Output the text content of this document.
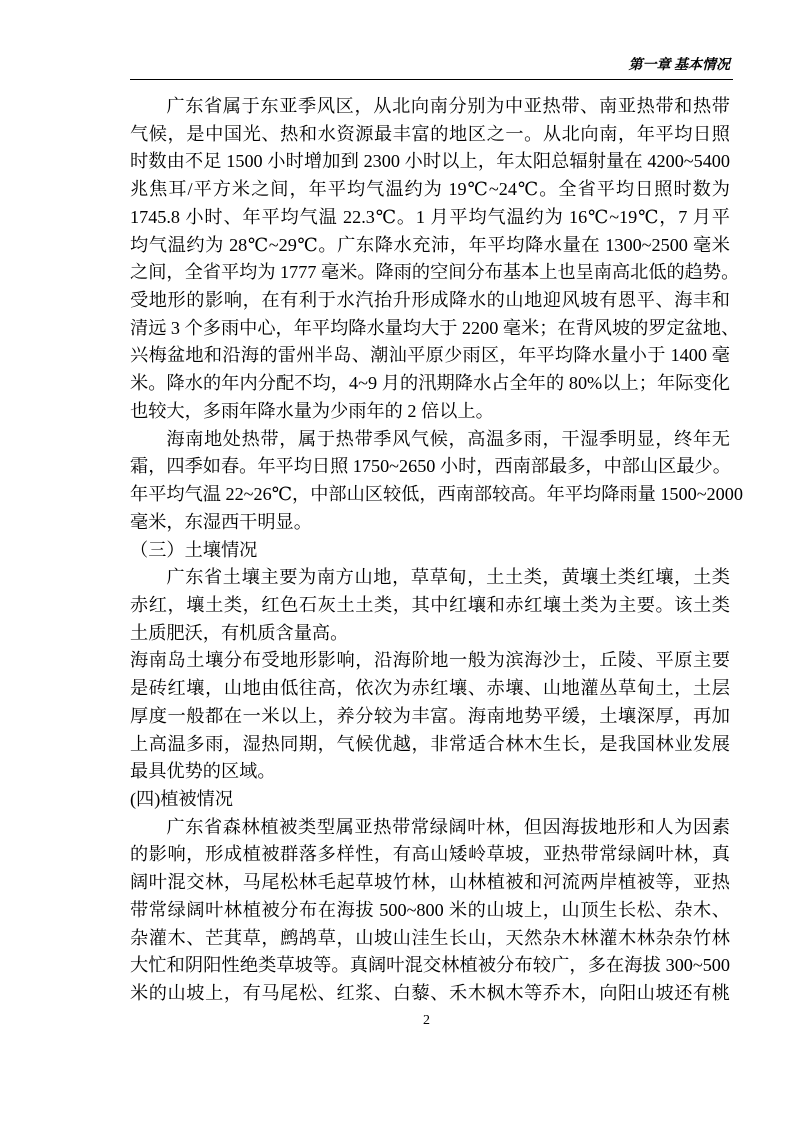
第一章 基本情况
广东省属于东亚季风区，从北向南分别为中亚热带、南亚热带和热带
气候，是中国光、热和水资源最丰富的地区之一。从北向南，年平均日照
时数由不足 1500 小时增加到 2300 小时以上，年太阳总辐射量在 4200~5400
兆焦耳/平方米之间，年平均气温约为 19℃~24℃。全省平均日照时数为
1745.8 小时、年平均气温 22.3℃。1 月平均气温约为 16℃~19℃，7 月平
均气温约为 28℃~29℃。广东降水充沛，年平均降水量在 1300~2500 毫米
之间，全省平均为 1777 毫米。降雨的空间分布基本上也呈南高北低的趋势。
受地形的影响，在有利于水汽抬升形成降水的山地迎风坡有恩平、海丰和
清远 3 个多雨中心，年平均降水量均大于 2200 毫米；在背风坡的罗定盆地、
兴梅盆地和沿海的雷州半岛、潮汕平原少雨区，年平均降水量小于 1400 毫
米。降水的年内分配不均，4~9 月的汛期降水占全年的 80%以上；年际变化
也较大，多雨年降水量为少雨年的 2 倍以上。
海南地处热带，属于热带季风气候，高温多雨，干湿季明显，终年无
霜，四季如春。年平均日照 1750~2650 小时，西南部最多，中部山区最少。
年平均气温 22~26℃，中部山区较低，西南部较高。年平均降雨量 1500~2000
毫米，东湿西干明显。
（三）土壤情况
广东省土壤主要为南方山地，草草甸，土土类，黄壤土类红壤，土类
赤红，壤土类，红色石灰土土类，其中红壤和赤红壤土类为主要。该土类
土质肥沃，有机质含量高。
海南岛土壤分布受地形影响，沿海阶地一般为滨海沙士，丘陵、平原主要
是砖红壤，山地由低往高，依次为赤红壤、赤壤、山地灌丛草甸土，土层
厚度一般都在一米以上，养分较为丰富。海南地势平缓，土壤深厚，再加
上高温多雨，湿热同期，气候优越，非常适合林木生长，是我国林业发展
最具优势的区域。
(四)植被情况
广东省森林植被类型属亚热带常绿阔叶林，但因海拔地形和人为因素
的影响，形成植被群落多样性，有高山矮岭草坡，亚热带常绿阔叶林，真
阔叶混交林，马尾松林毛起草坡竹林，山林植被和河流两岸植被等，亚热
带常绿阔叶林植被分布在海拔 500~800 米的山坡上，山顶生长松、杂木、
杂灌木、芒萁草，鹧鸪草，山坡山洼生长山，天然杂木林灌木林杂杂竹林
大忙和阴阳性绝类草坡等。真阔叶混交林植被分布较广，多在海拔 300~500
米的山坡上，有马尾松、红浆、白藜、禾木枫木等乔木，向阳山坡还有桃
2
